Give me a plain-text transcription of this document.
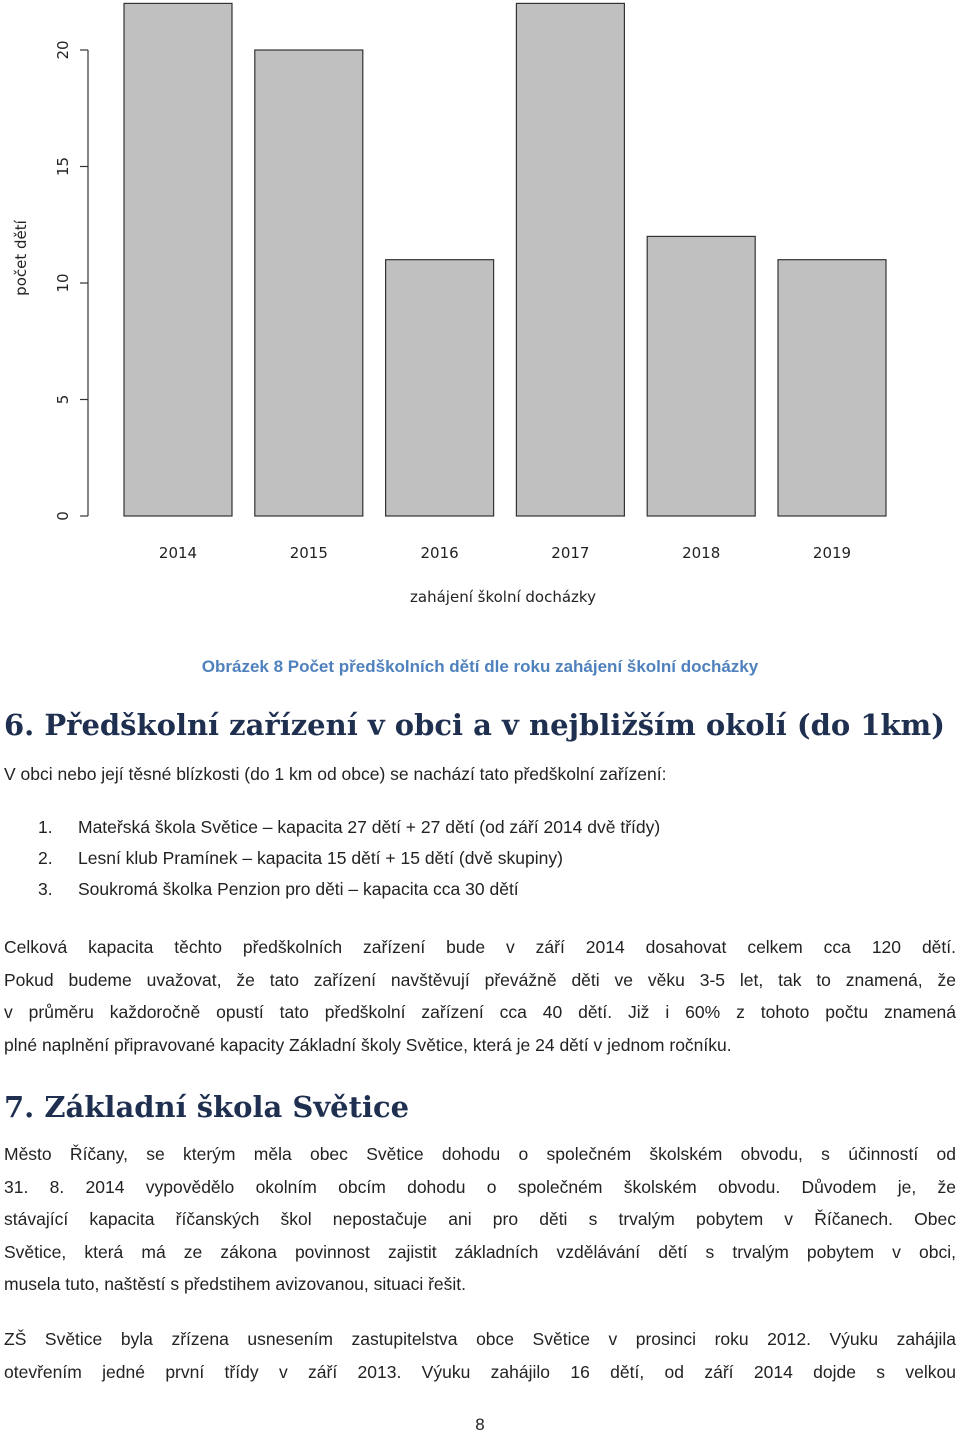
0
5
10
15
20
2014	2015	2016	2017	2018	2019
počet dětí
zahájení školní docházky
Obrázek 8 Počet předškolních dětí dle roku zahájení školní docházky
6. Předškolní zařízení v obci a v nejbližším okolí (do 1km)

V obci nebo její těsné blízkosti (do 1 km od obce) se nachází tato předškolní zařízení:

1. Mateřská škola Světice – kapacita 27 dětí + 27 dětí (od září 2014 dvě třídy)
2. Lesní klub Pramínek – kapacita 15 dětí + 15 dětí (dvě skupiny)
3. Soukromá školka Penzion pro děti – kapacita cca 30 dětí
Celková kapacita těchto předškolních zařízení bude v září 2014 dosahovat celkem cca 120 dětí.
Pokud budeme uvažovat, že tato zařízení navštěvují převážně děti ve věku 3-5 let, tak to znamená, že
v průměru každoročně opustí tato předškolní zařízení cca 40 dětí. Již i 60% z tohoto počtu znamená
plné naplnění připravované kapacity Základní školy Světice, která je 24 dětí v jednom ročníku.
7. Základní škola Světice
Město Říčany, se kterým měla obec Světice dohodu o společném školském obvodu, s účinností od
31. 8. 2014 vypovědělo okolním obcím dohodu o společném školském obvodu. Důvodem je, že
stávající kapacita říčanských škol nepostačuje ani pro děti s trvalým pobytem v Říčanech. Obec
Světice, která má ze zákona povinnost zajistit základních vzdělávání dětí s trvalým pobytem v obci,
musela tuto, naštěstí s předstihem avizovanou, situaci řešit.
ZŠ Světice byla zřízena usnesením zastupitelstva obce Světice v prosinci roku 2012. Výuku zahájila
otevřením jedné první třídy v září 2013. Výuku zahájilo 16 dětí, od září 2014 dojde s velkou
8
